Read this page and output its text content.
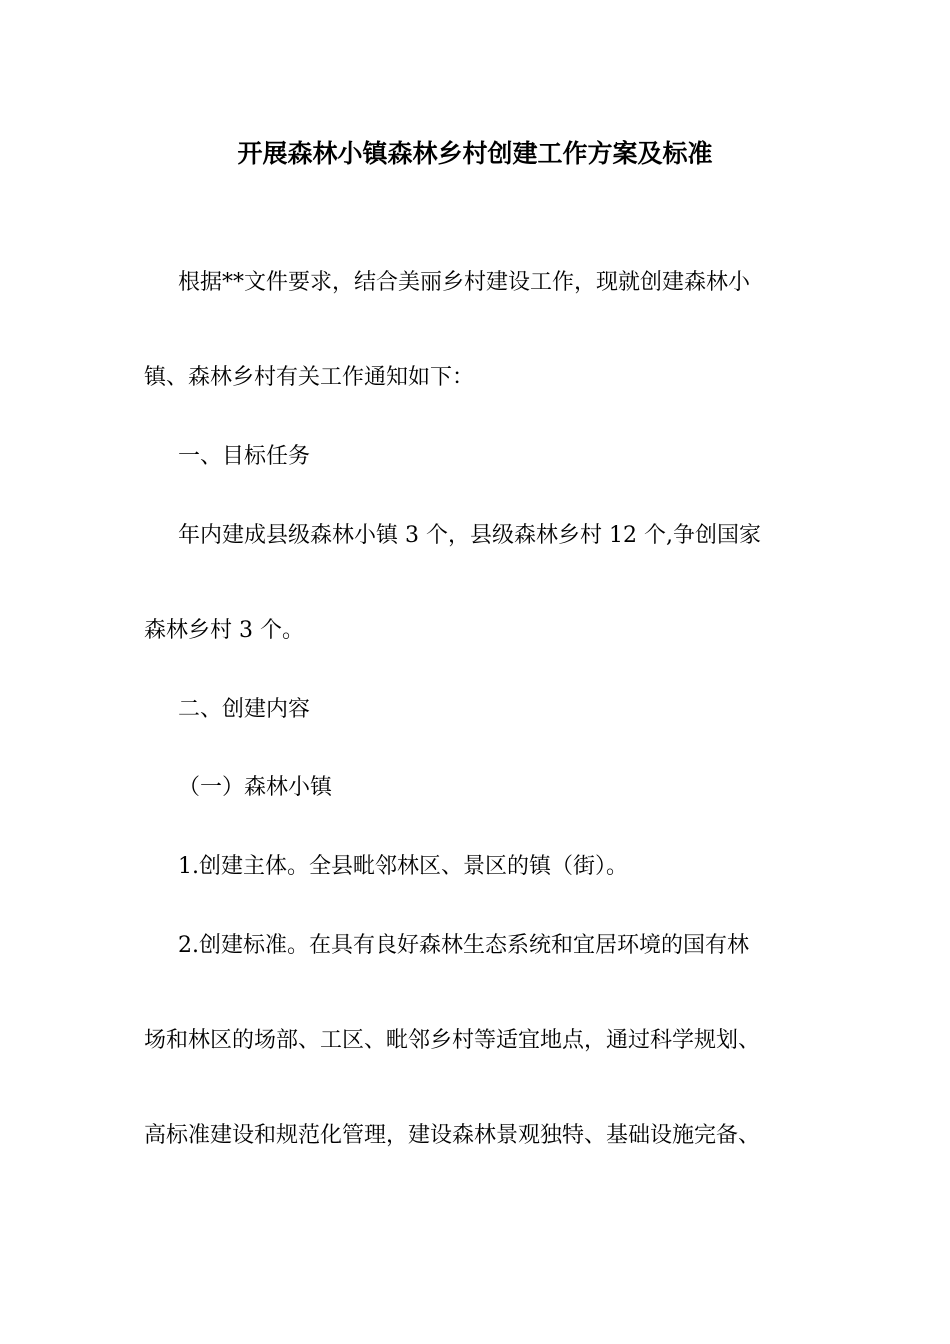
开展森林小镇森林乡村创建工作方案及标准
根据**文件要求，结合美丽乡村建设工作，现就创建森林小
镇、森林乡村有关工作通知如下：
一、目标任务
年内建成县级森林小镇 3 个，县级森林乡村 12 个,争创国家
森林乡村 3 个。
二、创建内容
（一）森林小镇
1.创建主体。全县毗邻林区、景区的镇（街）。
2.创建标准。在具有良好森林生态系统和宜居环境的国有林
场和林区的场部、工区、毗邻乡村等适宜地点，通过科学规划、
高标准建设和规范化管理，建设森林景观独特、基础设施完备、
